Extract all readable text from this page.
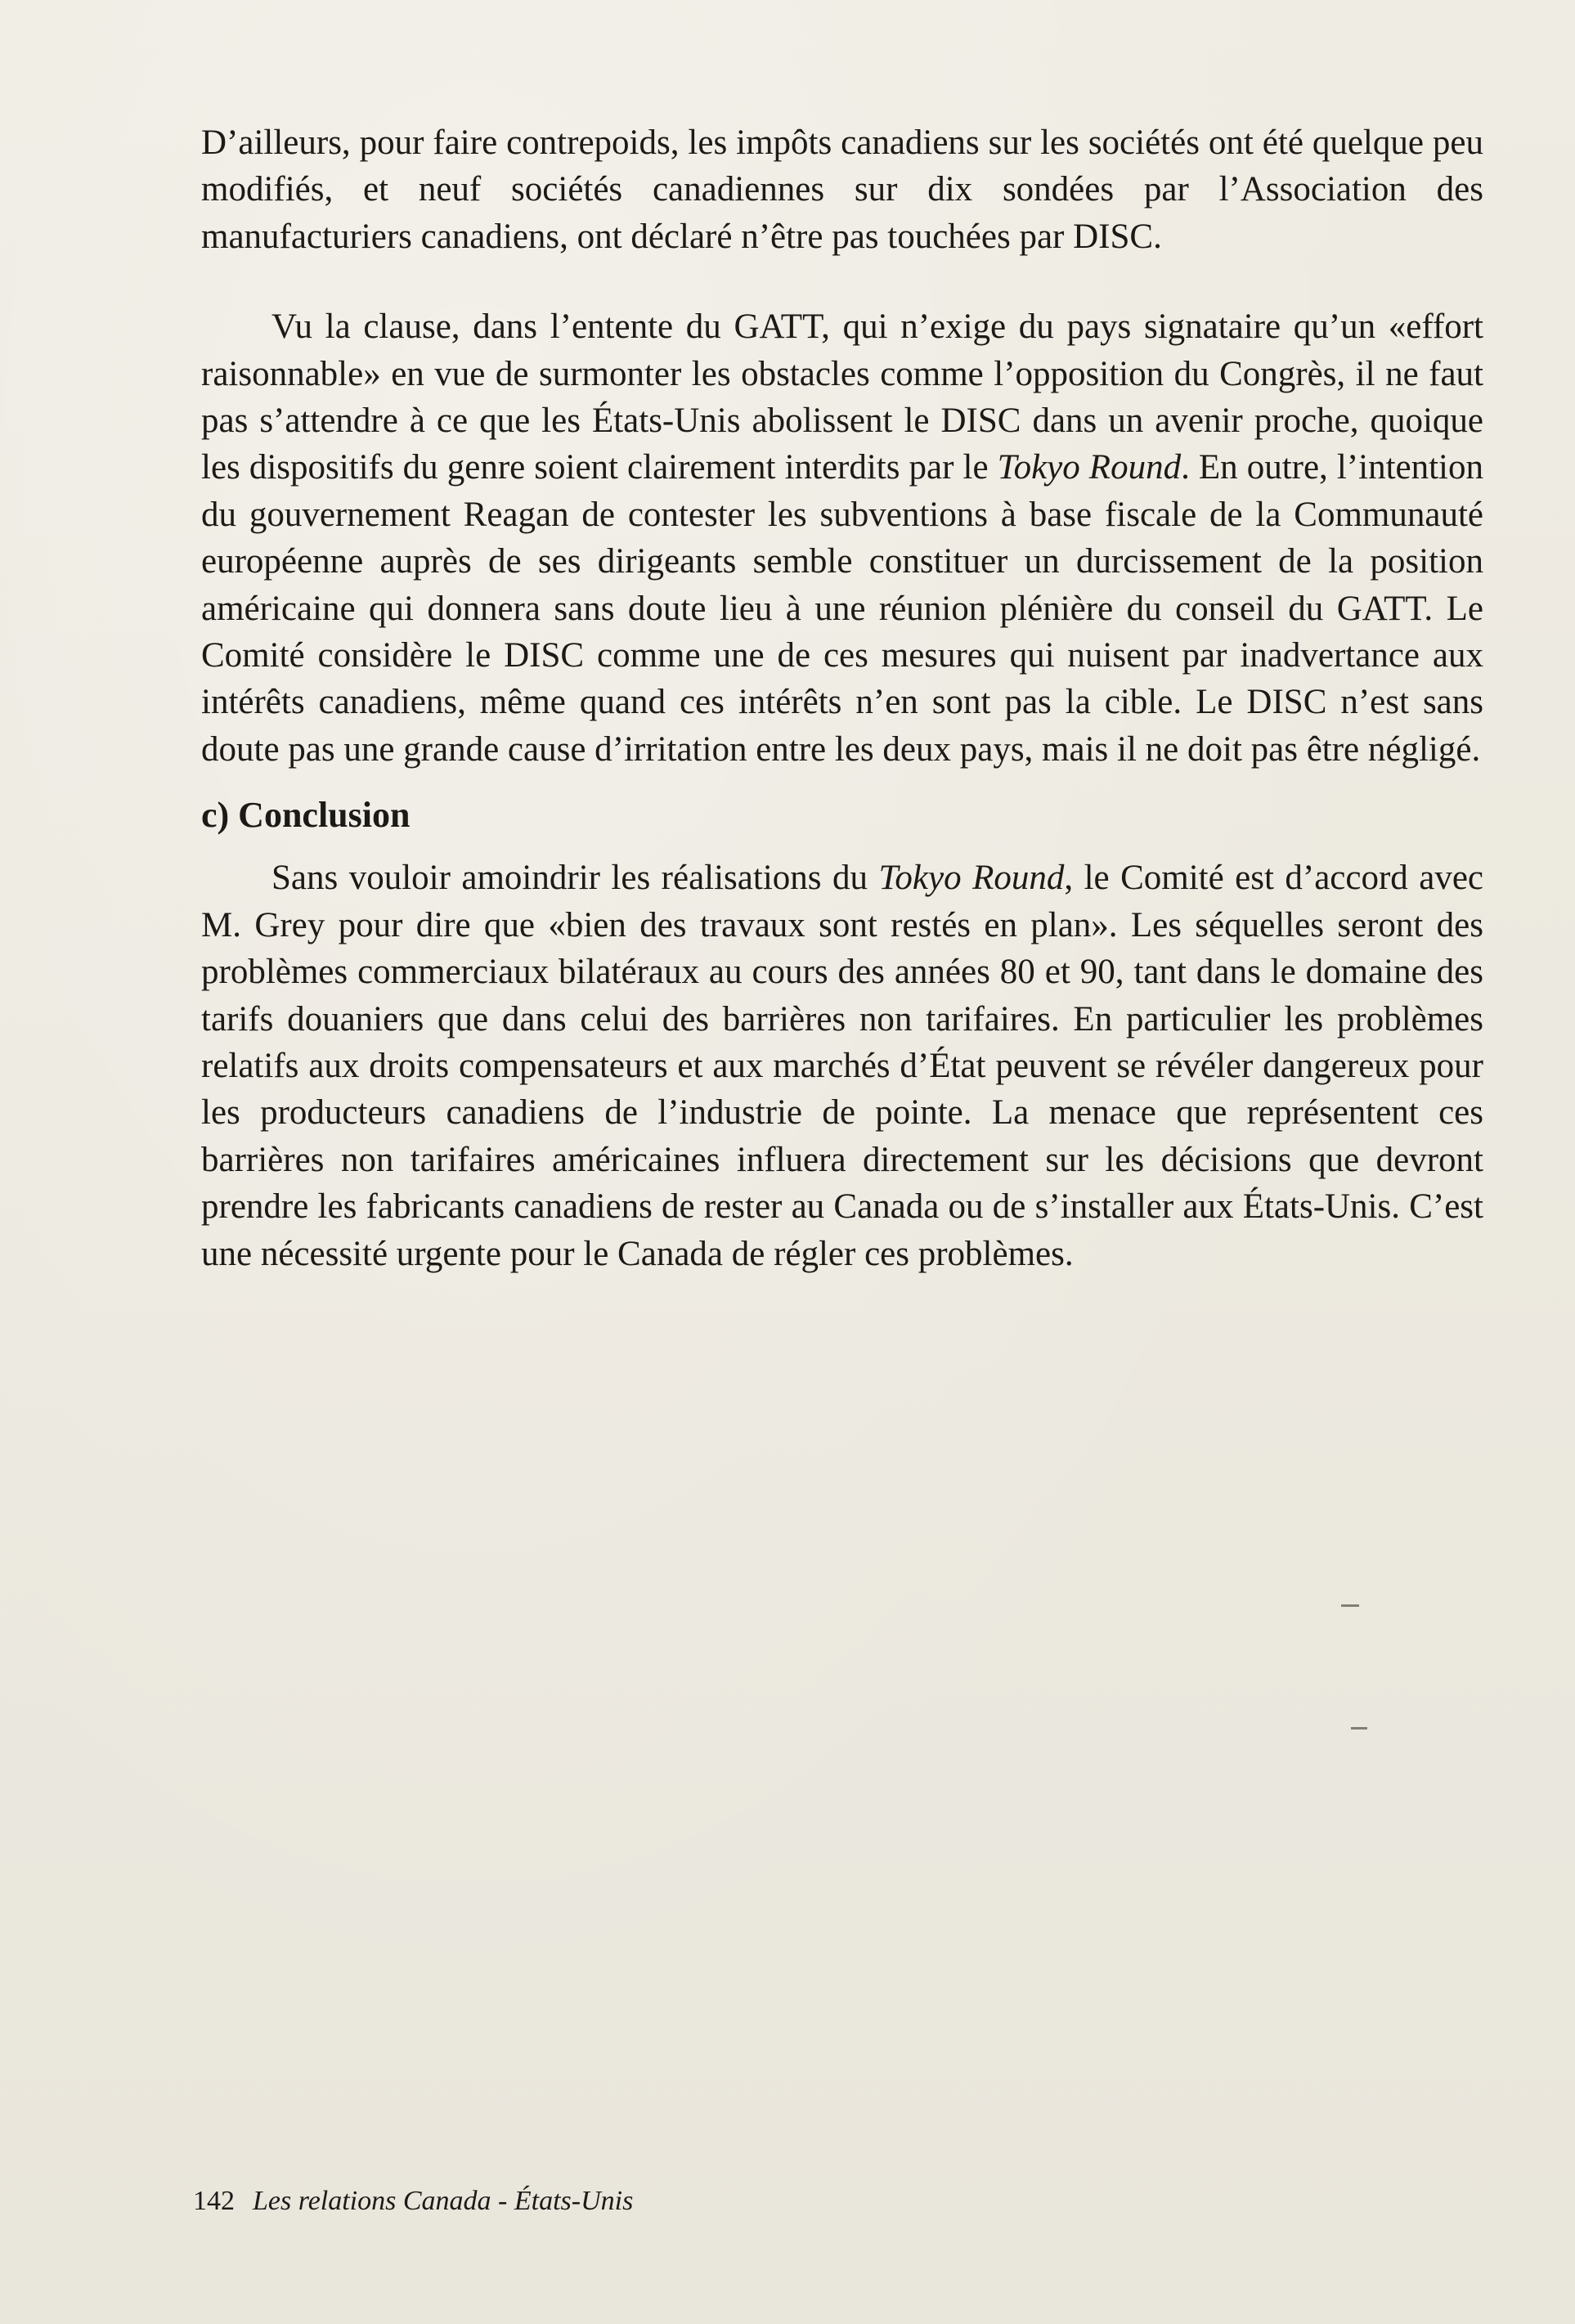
D’ailleurs, pour faire contrepoids, les impôts canadiens sur les sociétés ont été quelque peu modifiés, et neuf sociétés canadiennes sur dix sondées par l’Association des manufacturiers canadiens, ont déclaré n’être pas touchées par DISC.

Vu la clause, dans l’entente du GATT, qui n’exige du pays signataire qu’un «effort raisonnable» en vue de surmonter les obstacles comme l’opposition du Congrès, il ne faut pas s’attendre à ce que les États-Unis abolissent le DISC dans un avenir proche, quoique les dispositifs du genre soient clairement interdits par le Tokyo Round. En outre, l’intention du gouvernement Reagan de contester les subventions à base fiscale de la Communauté européenne auprès de ses dirigeants semble constituer un durcissement de la position américaine qui donnera sans doute lieu à une réunion plénière du conseil du GATT. Le Comité considère le DISC comme une de ces mesures qui nuisent par inadvertance aux intérêts canadiens, même quand ces intérêts n’en sont pas la cible. Le DISC n’est sans doute pas une grande cause d’irritation entre les deux pays, mais il ne doit pas être négligé.

c) Conclusion

Sans vouloir amoindrir les réalisations du Tokyo Round, le Comité est d’accord avec M. Grey pour dire que «bien des travaux sont restés en plan». Les séquelles seront des problèmes commerciaux bilatéraux au cours des années 80 et 90, tant dans le domaine des tarifs douaniers que dans celui des barrières non tarifaires. En particulier les problèmes relatifs aux droits compensateurs et aux marchés d’État peuvent se révéler dangereux pour les producteurs canadiens de l’industrie de pointe. La menace que représentent ces barrières non tarifaires américaines influera directement sur les décisions que devront prendre les fabricants canadiens de rester au Canada ou de s’installer aux États-Unis. C’est une nécessité urgente pour le Canada de régler ces problèmes.

142 Les relations Canada - États-Unis
